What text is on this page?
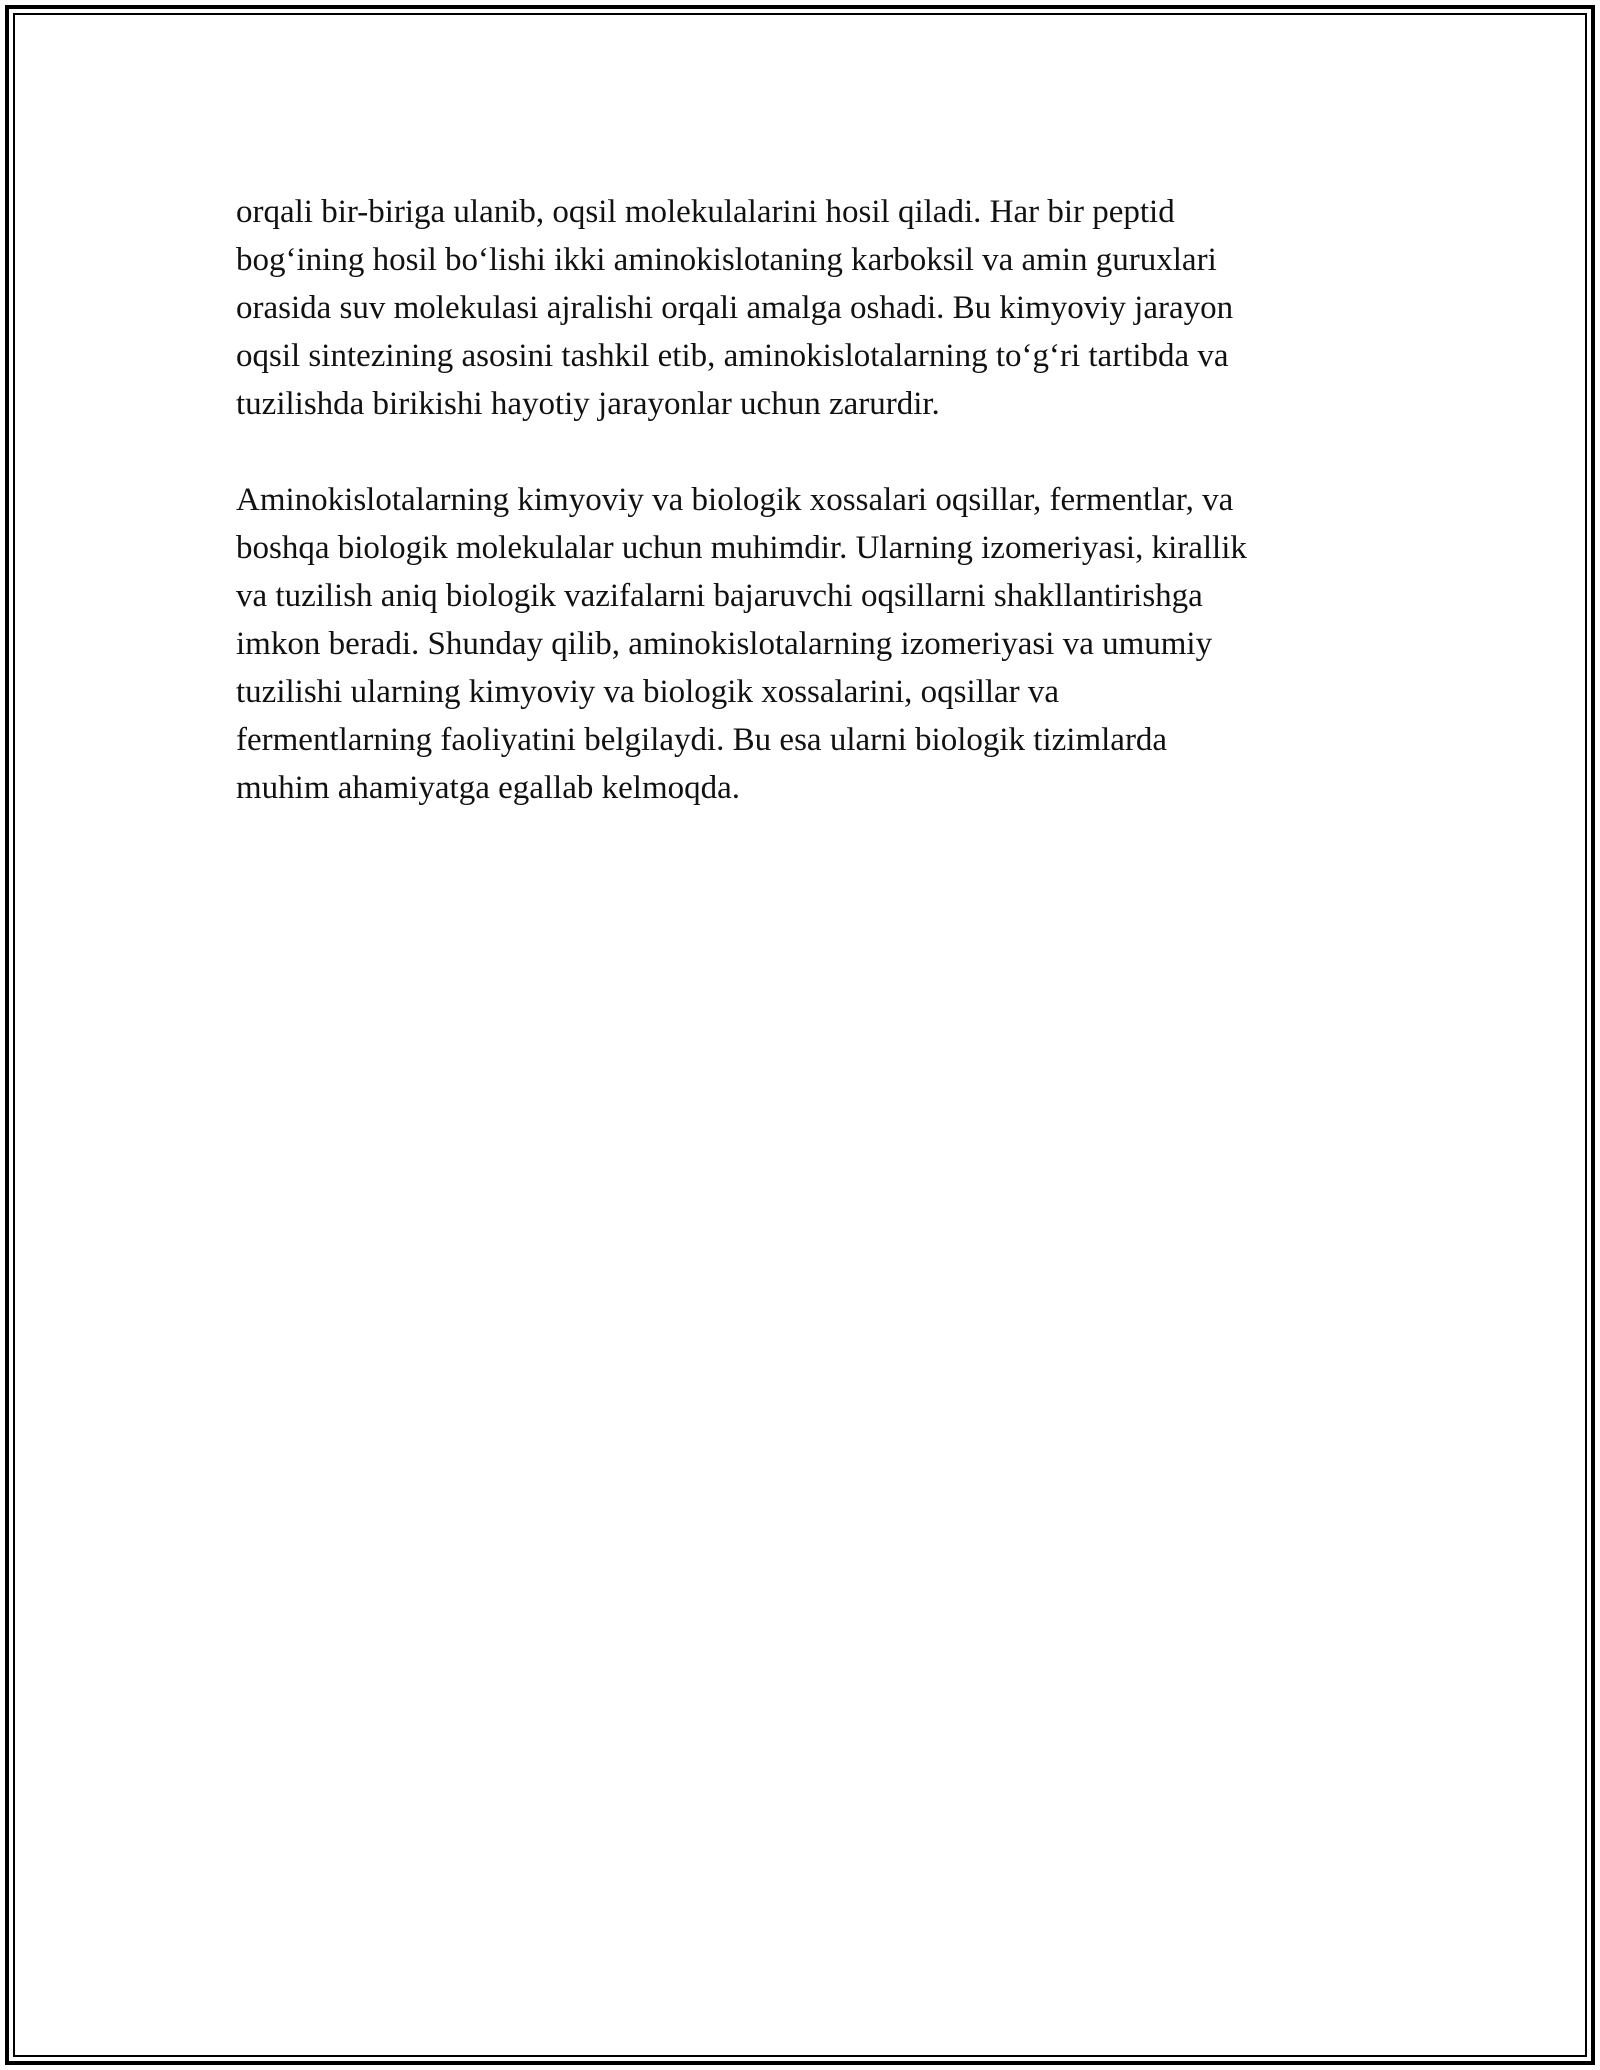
orqali bir-biriga ulanib, oqsil molekulalarini hosil qiladi. Har bir peptid
bog‘ining hosil bo‘lishi ikki aminokislotaning karboksil va amin guruxlari
orasida suv molekulasi ajralishi orqali amalga oshadi. Bu kimyoviy jarayon
oqsil sintezining asosini tashkil etib, aminokislotalarning to‘g‘ri tartibda va
tuzilishda birikishi hayotiy jarayonlar uchun zarurdir.

Aminokislotalarning kimyoviy va biologik xossalari oqsillar, fermentlar, va
boshqa biologik molekulalar uchun muhimdir. Ularning izomeriyasi, kirallik
va tuzilish aniq biologik vazifalarni bajaruvchi oqsillarni shakllantirishga
imkon beradi. Shunday qilib, aminokislotalarning izomeriyasi va umumiy
tuzilishi ularning kimyoviy va biologik xossalarini, oqsillar va
fermentlarning faoliyatini belgilaydi. Bu esa ularni biologik tizimlarda
muhim ahamiyatga egallab kelmoqda.
